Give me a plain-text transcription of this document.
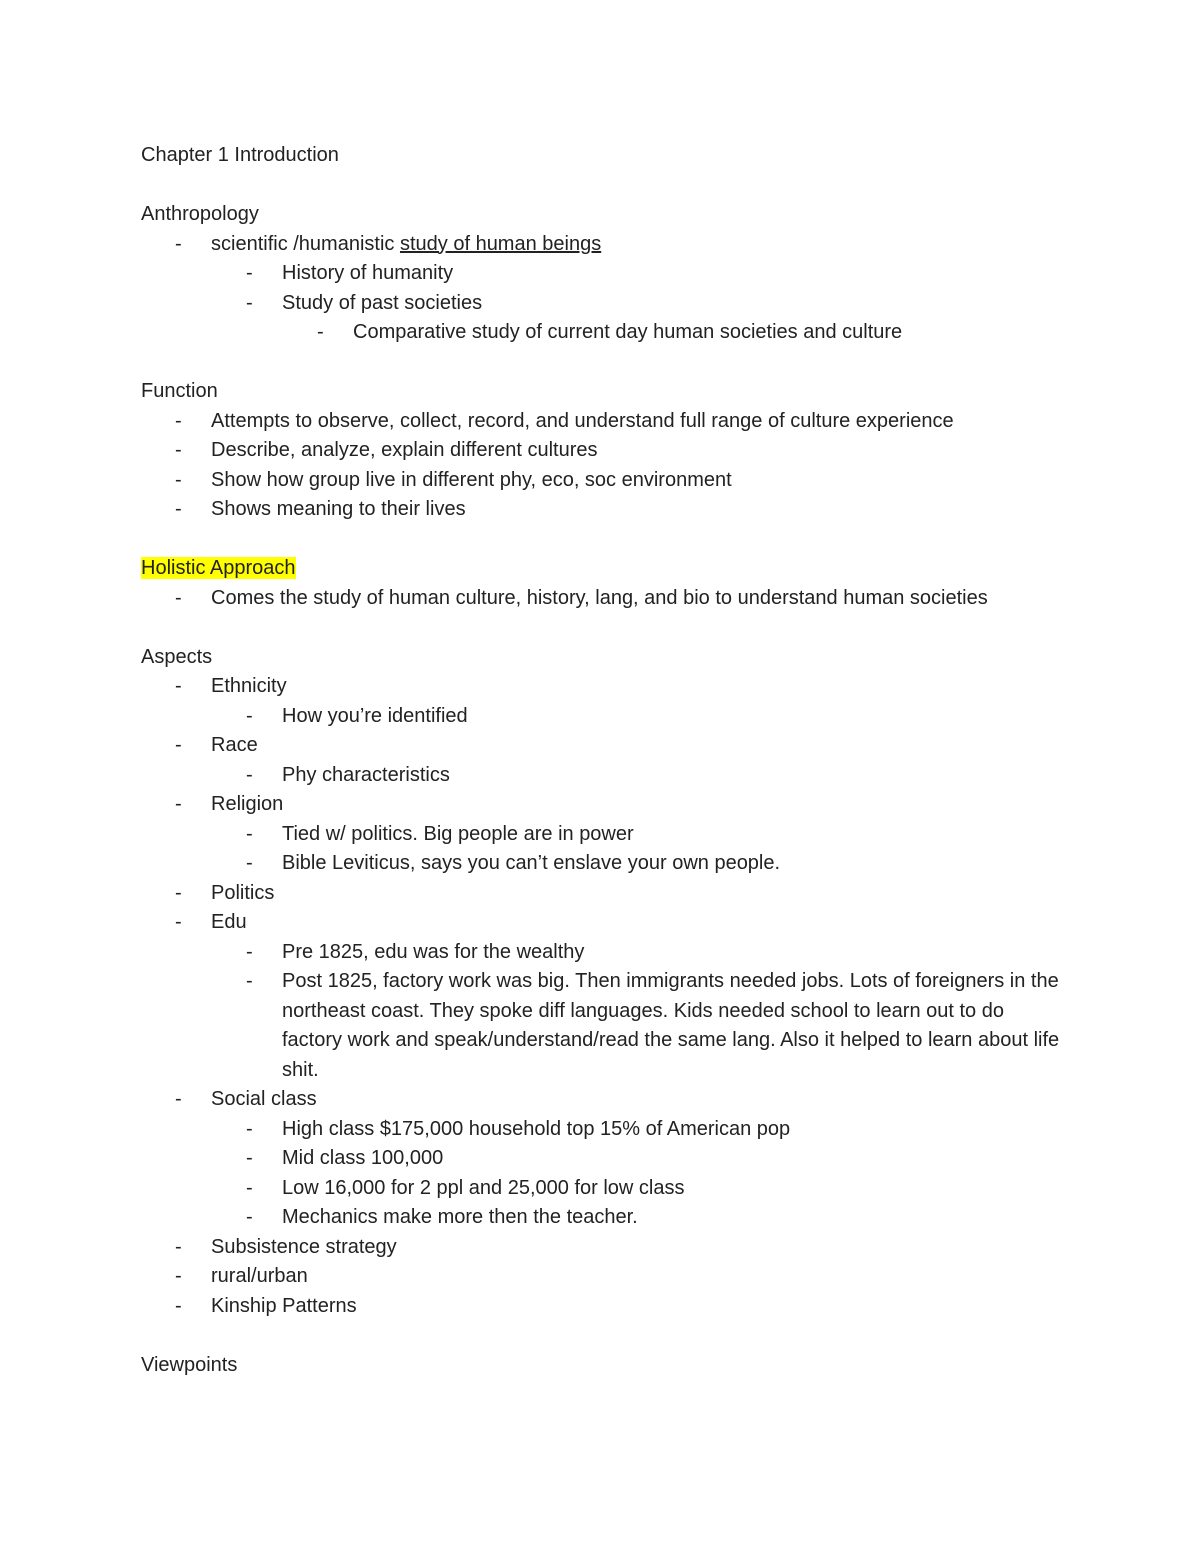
Chapter 1 Introduction

Anthropology

-	scientific /humanistic study of human beings
-	History of humanity
-	Study of past societies
-	Comparative study of current day human societies and culture

Function

-	Attempts to observe, collect, record, and understand full range of culture experience
-	Describe, analyze, explain different cultures
-	Show how group live in different phy, eco, soc environment
-	Shows meaning to their lives

Holistic Approach

-	Comes the study of human culture, history, lang, and bio to understand human societies

Aspects

-	Ethnicity
-	How you’re identified
-	Race
-	Phy characteristics
-	Religion
-	Tied w/ politics. Big people are in power
-	Bible Leviticus, says you can’t enslave your own people.
-	Politics
-	Edu
-	Pre 1825, edu was for the wealthy
-	Post 1825, factory work was big. Then immigrants needed jobs. Lots of foreigners in the northeast coast. They spoke diff languages. Kids needed school to learn out to do factory work and speak/understand/read the same lang. Also it helped to learn about life shit.
-	Social class
-	High class $175,000 household top 15% of American pop
-	Mid class 100,000
-	Low 16,000 for 2 ppl and 25,000 for low class
-	Mechanics make more then the teacher.
-	Subsistence strategy
-	rural/urban
-	Kinship Patterns

Viewpoints
